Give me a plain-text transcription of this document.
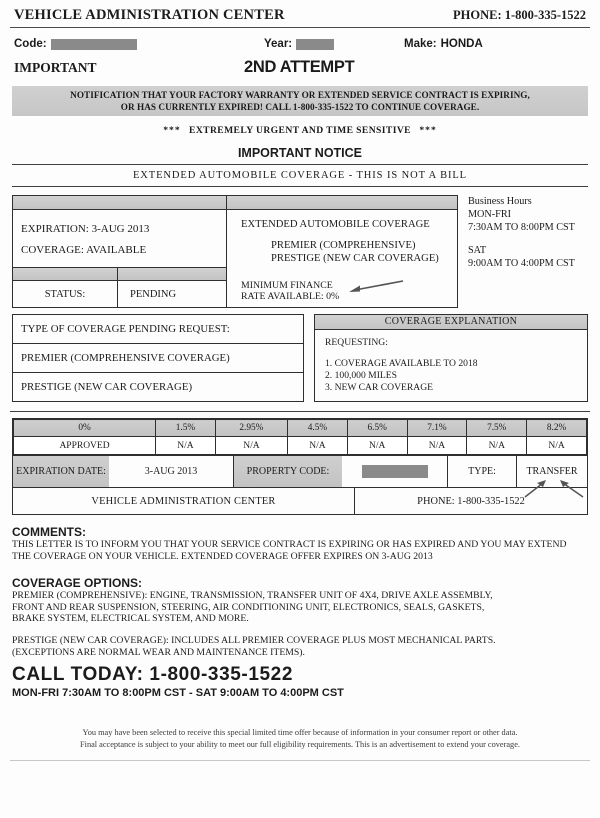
VEHICLE ADMINISTRATION CENTER	PHONE: 1-800-335-1522
Code:	Year:	Make: HONDA
IMPORTANT	2ND ATTEMPT
NOTIFICATION THAT YOUR FACTORY WARRANTY OR EXTENDED SERVICE CONTRACT IS EXPIRING,
OR HAS CURRENTLY EXPIRED! CALL 1-800-335-1522 TO CONTINUE COVERAGE.
*** EXTREMELY URGENT AND TIME SENSITIVE ***
IMPORTANT NOTICE
EXTENDED AUTOMOBILE COVERAGE - THIS IS NOT A BILL
EXPIRATION: 3-AUG 2013
COVERAGE: AVAILABLE
STATUS:	PENDING
EXTENDED AUTOMOBILE COVERAGE
PREMIER (COMPREHENSIVE)
PRESTIGE (NEW CAR COVERAGE)
MINIMUM FINANCE
RATE AVAILABLE: 0%
Business Hours
MON-FRI
7:30AM TO 8:00PM CST
SAT
9:00AM TO 4:00PM CST
TYPE OF COVERAGE PENDING REQUEST:
PREMIER (COMPREHENSIVE COVERAGE)
PRESTIGE (NEW CAR COVERAGE)
COVERAGE EXPLANATION
REQUESTING:
1. COVERAGE AVAILABLE TO 2018
2. 100,000 MILES
3. NEW CAR COVERAGE
0%	1.5%	2.95%	4.5%	6.5%	7.1%	7.5%	8.2%
APPROVED	N/A	N/A	N/A	N/A	N/A	N/A	N/A
EXPIRATION DATE:	3-AUG 2013	PROPERTY CODE:	TYPE:	TRANSFER
VEHICLE ADMINISTRATION CENTER	PHONE: 1-800-335-1522
COMMENTS:
THIS LETTER IS TO INFORM YOU THAT YOUR SERVICE CONTRACT IS EXPIRING OR HAS EXPIRED AND YOU MAY EXTEND
THE COVERAGE ON YOUR VEHICLE. EXTENDED COVERAGE OFFER EXPIRES ON 3-AUG 2013
COVERAGE OPTIONS:
PREMIER (COMPREHENSIVE): ENGINE, TRANSMISSION, TRANSFER UNIT OF 4X4, DRIVE AXLE ASSEMBLY,
FRONT AND REAR SUSPENSION, STEERING, AIR CONDITIONING UNIT, ELECTRONICS, SEALS, GASKETS,
BRAKE SYSTEM, ELECTRICAL SYSTEM, AND MORE.
PRESTIGE (NEW CAR COVERAGE): INCLUDES ALL PREMIER COVERAGE PLUS MOST MECHANICAL PARTS.
(EXCEPTIONS ARE NORMAL WEAR AND MAINTENANCE ITEMS).
CALL TODAY: 1-800-335-1522
MON-FRI 7:30AM TO 8:00PM CST - SAT 9:00AM TO 4:00PM CST
You may have been selected to receive this special limited time offer because of information in your consumer report or other data.
Final acceptance is subject to your ability to meet our full eligibility requirements. This is an advertisement to extend your coverage.
